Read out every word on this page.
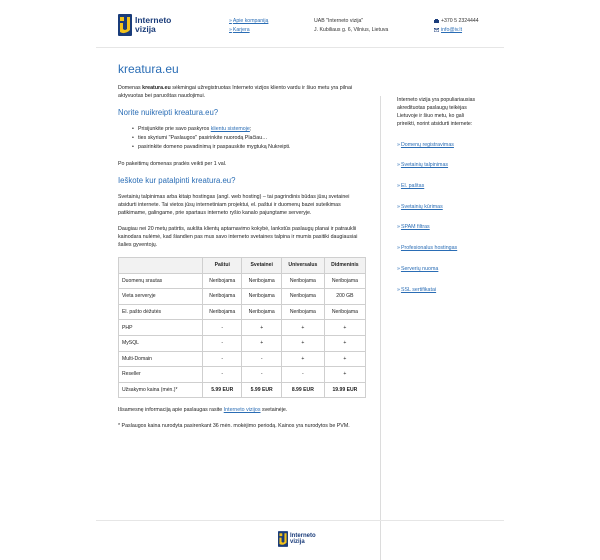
Interneto
vizija
»Apie kompaniją
»Karjera
UAB "Interneto vizija"
J. Kubiliaus g. 6, Vilnius, Lietuva
+370 5 2324444
info@iv.lt
kreatura.eu

Domenas kreatura.eu sėkmingai užregistruotas Interneto vizijos kliento vardu ir šiuo metu yra pilnai aktyvuotas bei paruoštas naudojimui.

Norite nuikreipti kreatura.eu?
• Prisijunkite prie savo paskyros klientu sistemoje;
• ties skyriumi "Paslaugos" pasirinkite nuorodą Plačiau…
• pasirinkite domeno pavadinimą ir paspauskite mygtuką Nukreipti.

Po pakeitimų domenas pradės veikti per 1 val.

Ieškote kur patalpinti kreatura.eu?

Svetainių talpinimas arba kitaip hostingas (angl. web hosting) – tai pagrindinis būdas jūsų svetainei atsidurti internete. Tai vietos jūsų internetiniam projektui, el. paštui ir duomenų bazei suteikimas patikimame, galingame, prie spartaus interneto ryšio kanalo pajungtame serveryje.

Daugiau nei 20 metų patirtis, aukšta klientų aptarnavimo kokybė, lankstūs paslaugų planai ir patrauklii kainodara nulėmė, kad šiandien pas mus savo interneto svetaines talpina ir mumis pasitiki daugiausiai šalies gyventojų.

	Paštui	Svetainei	Universalus	Didmeninis
Duomenų srautas	Neribojama	Neribojama	Neribojama	Neribojama
Vieta serveryje	Neribojama	Neribojama	Neribojama	200 GB
El. pašto dėžutės	Neribojama	Neribojama	Neribojama	Neribojama
PHP	-	+	+	+
MySQL	-	+	+	+
Multi-Domain	-	-	+	+
Reseller	-	-	-	+
Užsakymo kaina (mėn.)*	5.99 EUR	5.99 EUR	8.99 EUR	19.99 EUR

Išsamesnę informaciją apie paslaugas rasite Interneto vizijos svetainėje.

* Paslaugos kaina nurodyta pasirenkant 36 mėn. mokėjimo periodą. Kainos yra nurodytos be PVM.

Interneto vizija yra populiariausias akredituotas paslaugų teikėjas Lietuvoje ir šiuo metu, ko gali prireikti, norint atsidurti internete:

»Domenų registravimas
»Svetainių talpinimas
»El. paštas
»Svetainių kūrimas
»SPAM filtras
»Profesionalus hostingas
»Serverių nuoma
»SSL sertifikatai
Interneto
vizija
